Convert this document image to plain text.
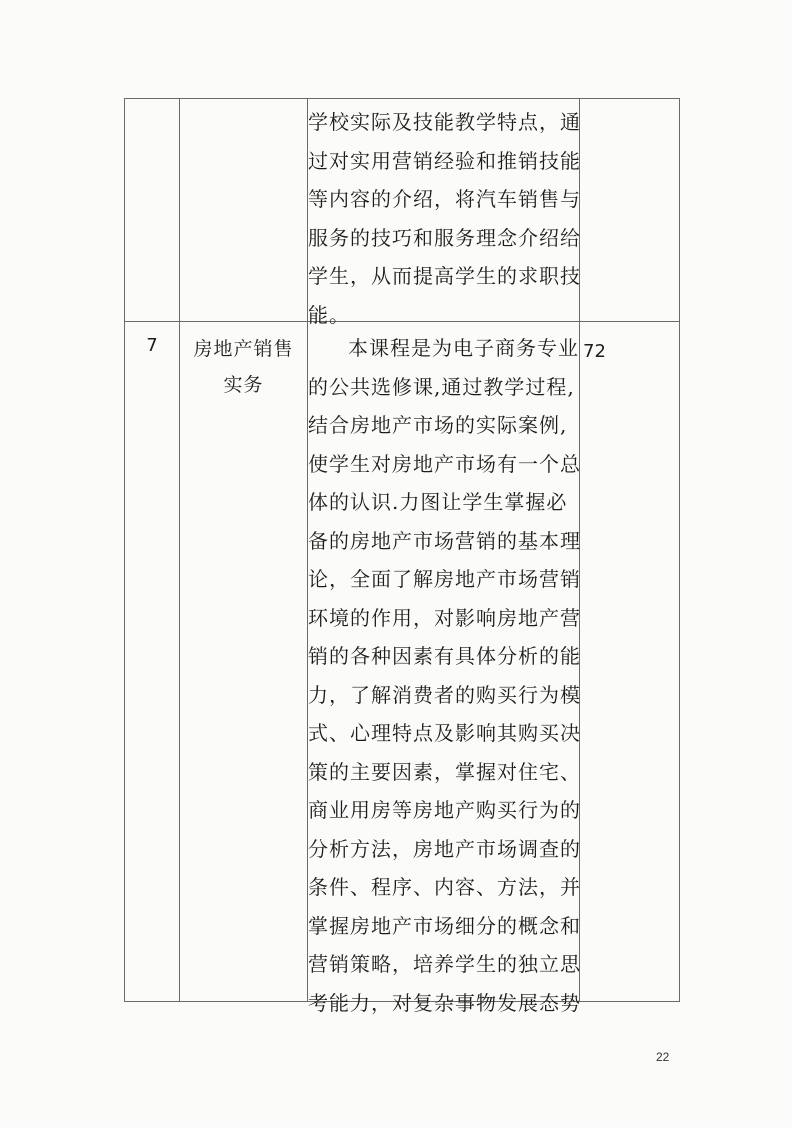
学校实际及技能教学特点，通
过对实用营销经验和推销技能
等内容的介绍，将汽车销售与
服务的技巧和服务理念介绍给
学生，从而提高学生的求职技
能。
7	房地产销售
实务
72
本课程是为电子商务专业
的公共选修课,通过教学过程,
结合房地产市场的实际案例,
使学生对房地产市场有一个总
体的认识.力图让学生掌握必
备的房地产市场营销的基本理
论，全面了解房地产市场营销
环境的作用，对影响房地产营
销的各种因素有具体分析的能
力，了解消费者的购买行为模
式、心理特点及影响其购买决
策的主要因素，掌握对住宅、
商业用房等房地产购买行为的
分析方法，房地产市场调查的
条件、程序、内容、方法，并
掌握房地产市场细分的概念和
营销策略，培养学生的独立思
考能力，对复杂事物发展态势
22
